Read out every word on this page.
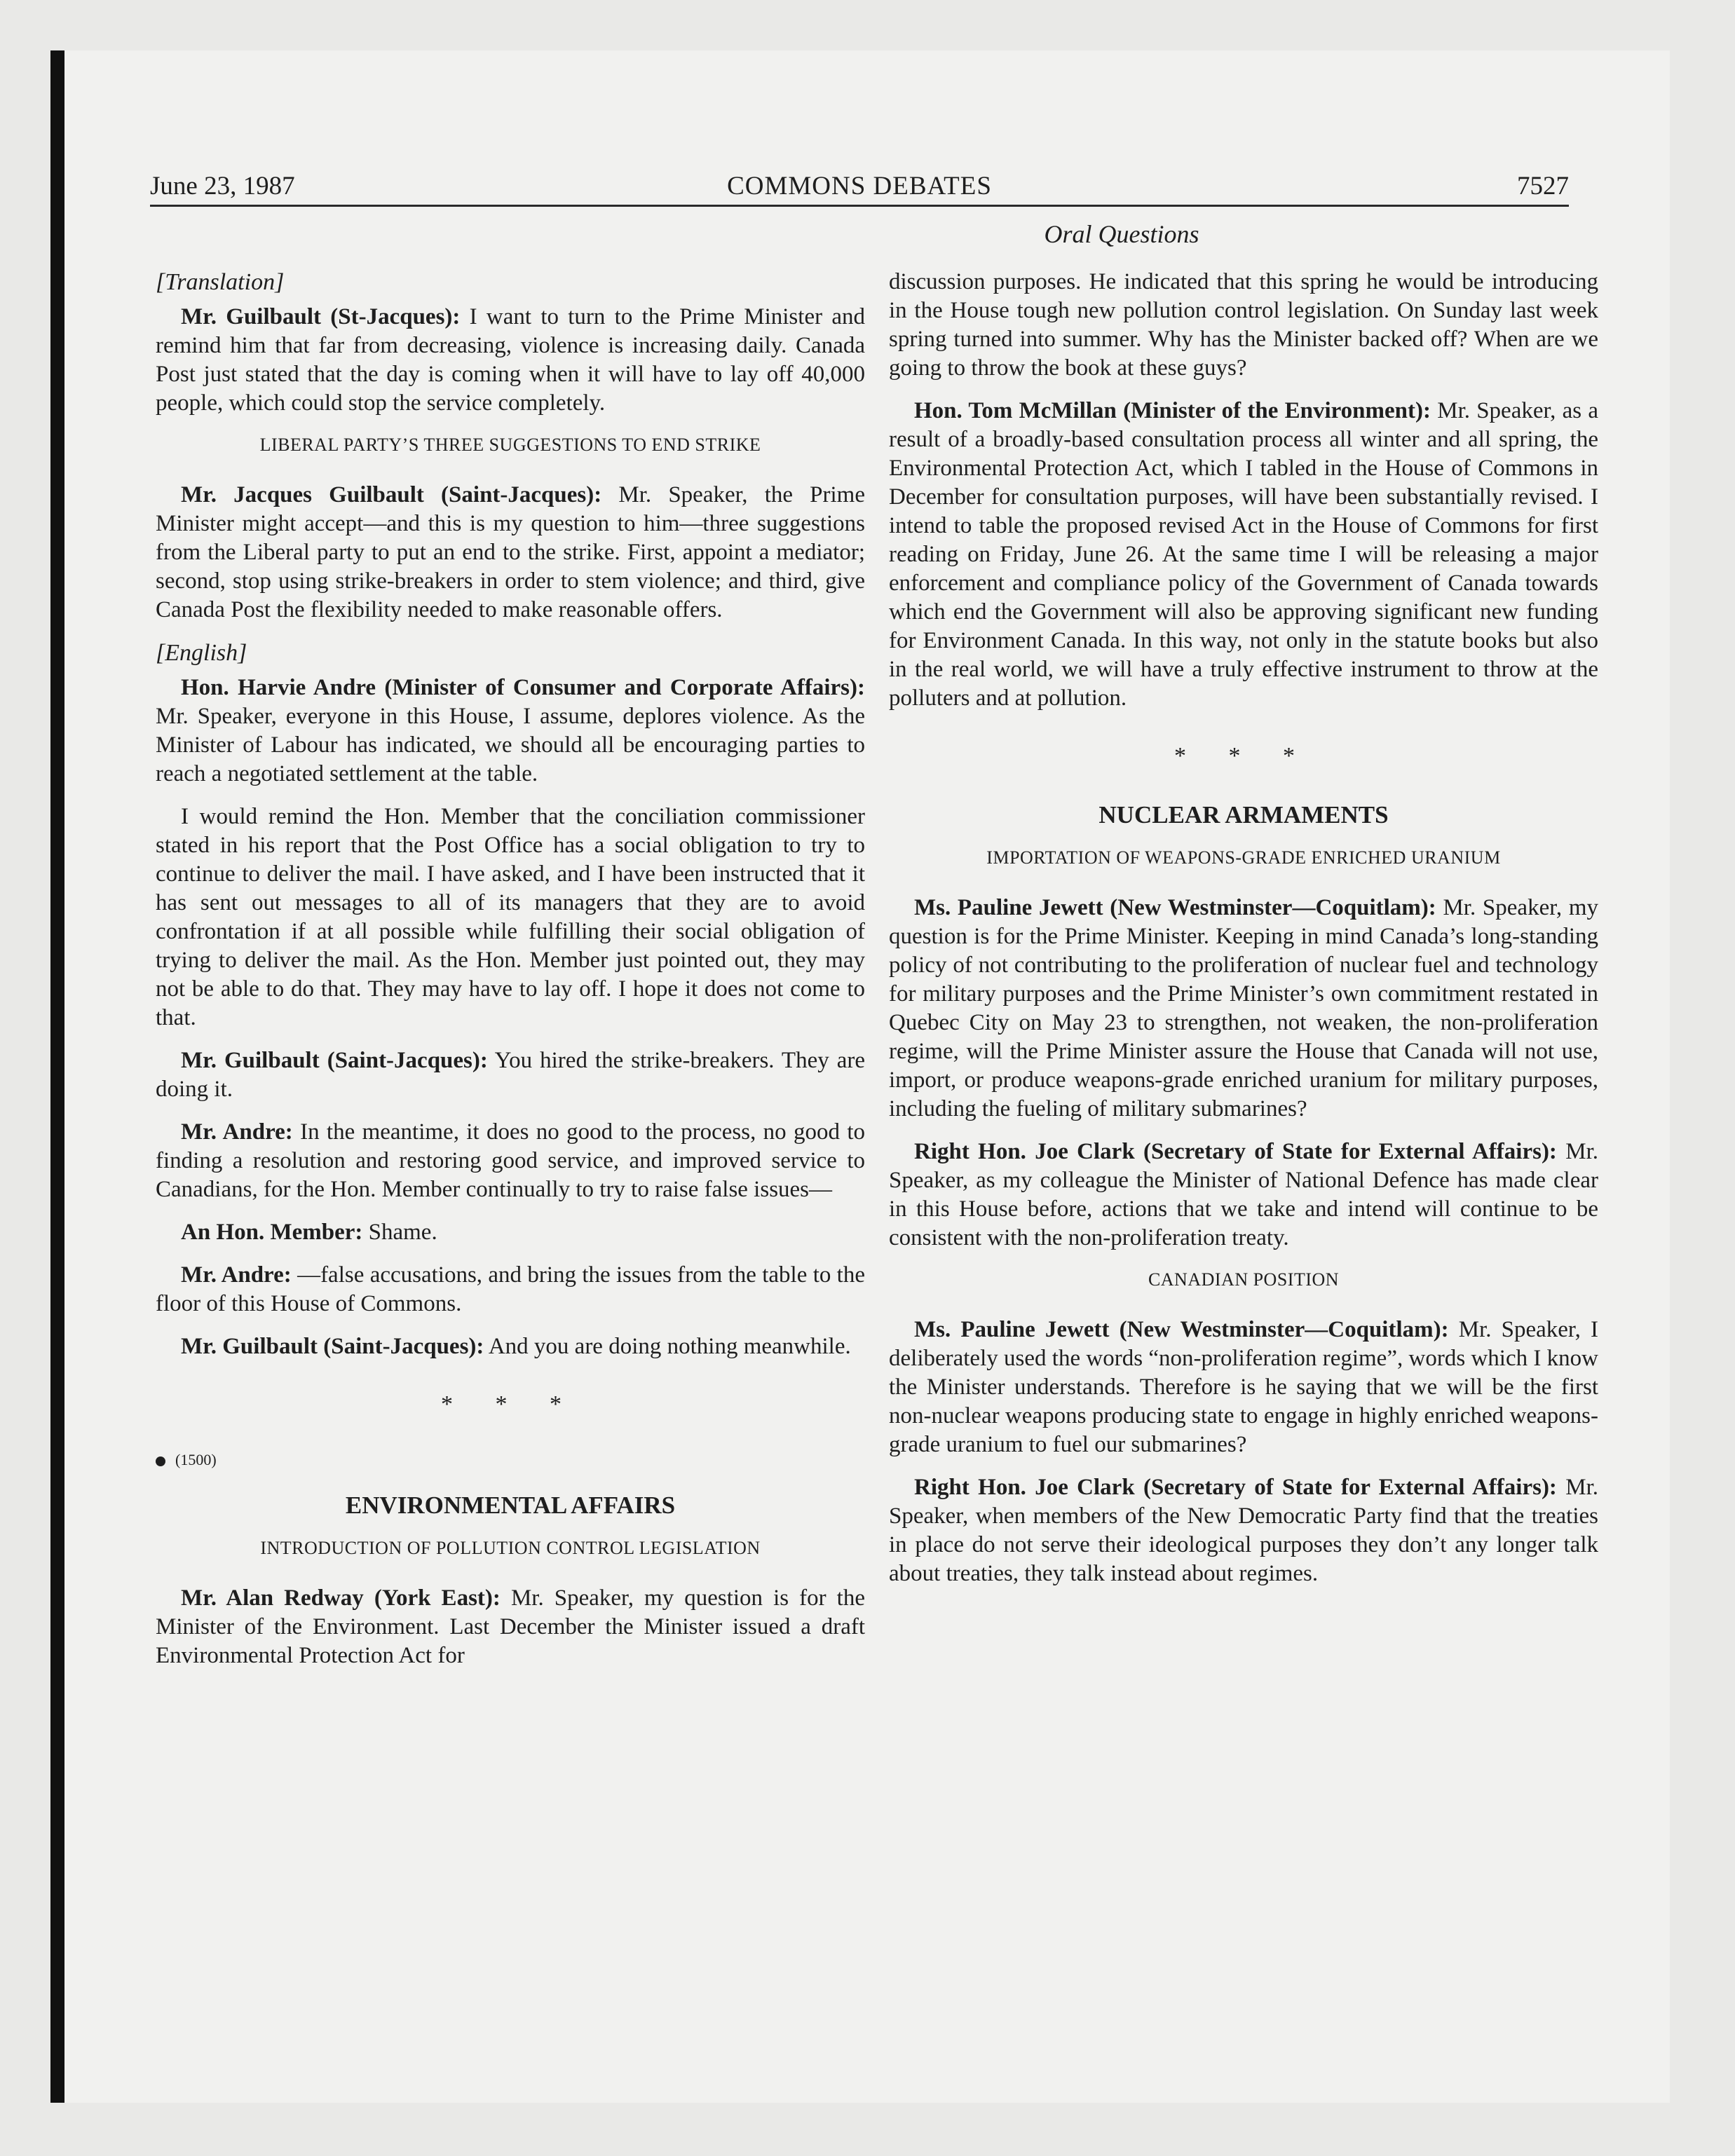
June 23, 1987	COMMONS DEBATES	7527
Oral Questions
[Translation]

Mr. Guilbault (St-Jacques): I want to turn to the Prime Minister and remind him that far from decreasing, violence is increasing daily. Canada Post just stated that the day is coming when it will have to lay off 40,000 people, which could stop the service completely.

LIBERAL PARTY’S THREE SUGGESTIONS TO END STRIKE

Mr. Jacques Guilbault (Saint-Jacques): Mr. Speaker, the Prime Minister might accept—and this is my question to him—three suggestions from the Liberal party to put an end to the strike. First, appoint a mediator; second, stop using strike-breakers in order to stem violence; and third, give Canada Post the flexibility needed to make reasonable offers.

[English]

Hon. Harvie Andre (Minister of Consumer and Corporate Affairs): Mr. Speaker, everyone in this House, I assume, deplores violence. As the Minister of Labour has indicated, we should all be encouraging parties to reach a negotiated settlement at the table.

I would remind the Hon. Member that the conciliation commissioner stated in his report that the Post Office has a social obligation to try to continue to deliver the mail. I have asked, and I have been instructed that it has sent out messages to all of its managers that they are to avoid confrontation if at all possible while fulfilling their social obligation of trying to deliver the mail. As the Hon. Member just pointed out, they may not be able to do that. They may have to lay off. I hope it does not come to that.

Mr. Guilbault (Saint-Jacques): You hired the strike-breakers. They are doing it.

Mr. Andre: In the meantime, it does no good to the process, no good to finding a resolution and restoring good service, and improved service to Canadians, for the Hon. Member continually to try to raise false issues—

An Hon. Member: Shame.

Mr. Andre: —false accusations, and bring the issues from the table to the floor of this House of Commons.

Mr. Guilbault (Saint-Jacques): And you are doing nothing meanwhile.

* * *
(1500)
ENVIRONMENTAL AFFAIRS
INTRODUCTION OF POLLUTION CONTROL LEGISLATION

Mr. Alan Redway (York East): Mr. Speaker, my question is for the Minister of the Environment. Last December the Minister issued a draft Environmental Protection Act for

discussion purposes. He indicated that this spring he would be introducing in the House tough new pollution control legislation. On Sunday last week spring turned into summer. Why has the Minister backed off? When are we going to throw the book at these guys?

Hon. Tom McMillan (Minister of the Environment): Mr. Speaker, as a result of a broadly-based consultation process all winter and all spring, the Environmental Protection Act, which I tabled in the House of Commons in December for consultation purposes, will have been substantially revised. I intend to table the proposed revised Act in the House of Commons for first reading on Friday, June 26. At the same time I will be releasing a major enforcement and compliance policy of the Government of Canada towards which end the Government will also be approving significant new funding for Environment Canada. In this way, not only in the statute books but also in the real world, we will have a truly effective instrument to throw at the polluters and at pollution.

* * *
NUCLEAR ARMAMENTS
IMPORTATION OF WEAPONS-GRADE ENRICHED URANIUM

Ms. Pauline Jewett (New Westminster—Coquitlam): Mr. Speaker, my question is for the Prime Minister. Keeping in mind Canada’s long-standing policy of not contributing to the proliferation of nuclear fuel and technology for military purposes and the Prime Minister’s own commitment restated in Quebec City on May 23 to strengthen, not weaken, the non-proliferation regime, will the Prime Minister assure the House that Canada will not use, import, or produce weapons-grade enriched uranium for military purposes, including the fueling of military submarines?

Right Hon. Joe Clark (Secretary of State for External Affairs): Mr. Speaker, as my colleague the Minister of National Defence has made clear in this House before, actions that we take and intend will continue to be consistent with the non-proliferation treaty.

CANADIAN POSITION

Ms. Pauline Jewett (New Westminster—Coquitlam): Mr. Speaker, I deliberately used the words “non-proliferation regime”, words which I know the Minister understands. Therefore is he saying that we will be the first non-nuclear weapons producing state to engage in highly enriched weapons-grade uranium to fuel our submarines?

Right Hon. Joe Clark (Secretary of State for External Affairs): Mr. Speaker, when members of the New Democratic Party find that the treaties in place do not serve their ideological purposes they don’t any longer talk about treaties, they talk instead about regimes.
